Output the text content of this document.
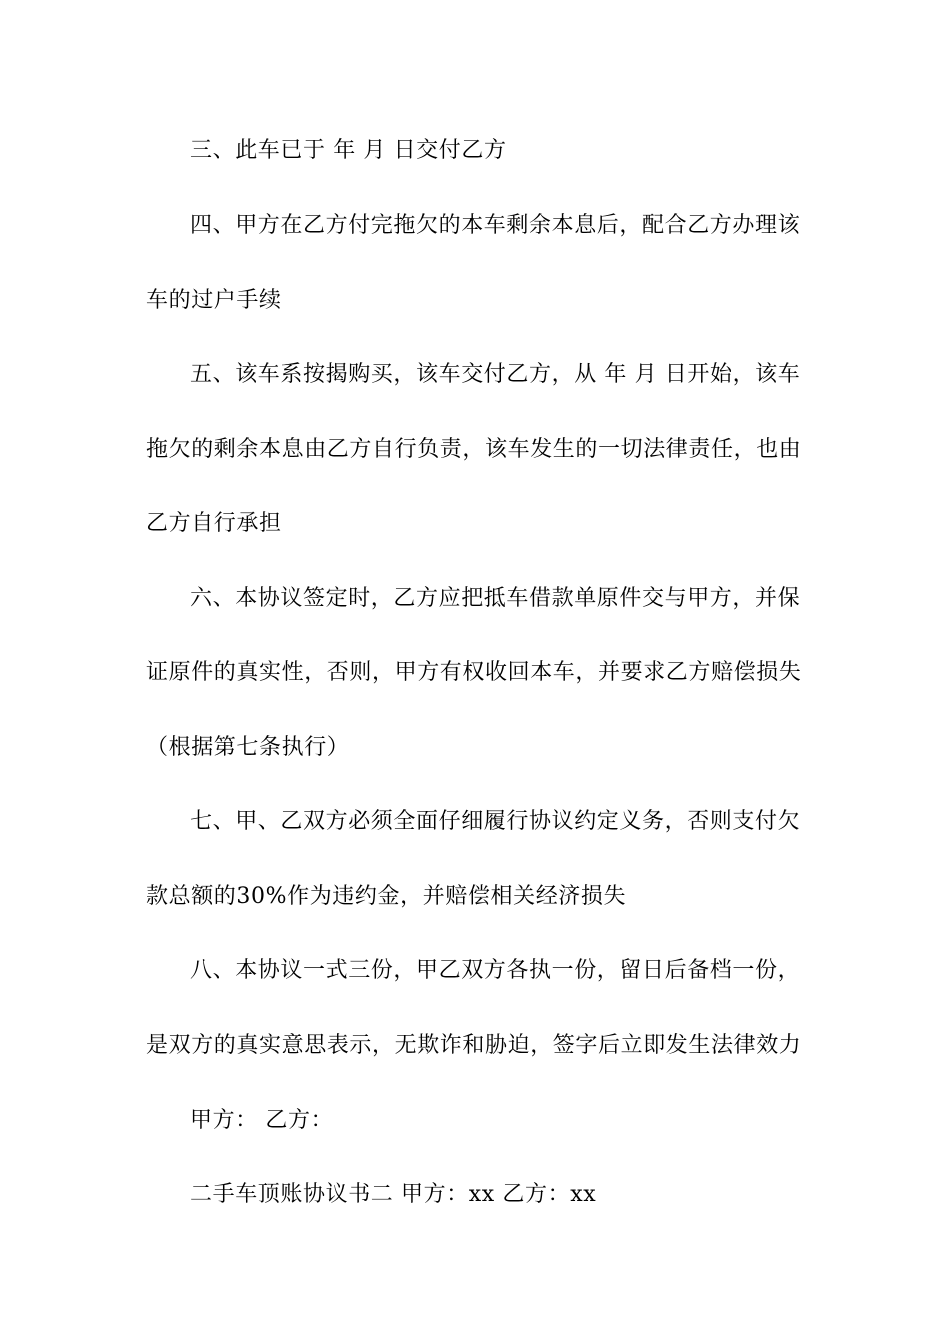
三、此车已于 年 月 日交付乙方
四、甲方在乙方付完拖欠的本车剩余本息后，配合乙方办理该
车的过户手续
五、该车系按揭购买，该车交付乙方，从 年 月 日开始，该车
拖欠的剩余本息由乙方自行负责，该车发生的一切法律责任，也由
乙方自行承担
六、本协议签定时，乙方应把抵车借款单原件交与甲方，并保
证原件的真实性，否则，甲方有权收回本车，并要求乙方赔偿损失
（根据第七条执行）
七、甲、乙双方必须全面仔细履行协议约定义务，否则支付欠
款总额的30%作为违约金，并赔偿相关经济损失
八、本协议一式三份，甲乙双方各执一份，留日后备档一份，
是双方的真实意思表示，无欺诈和胁迫，签字后立即发生法律效力
甲方： 乙方：
二手车顶账协议书二 甲方：xx 乙方：xx
